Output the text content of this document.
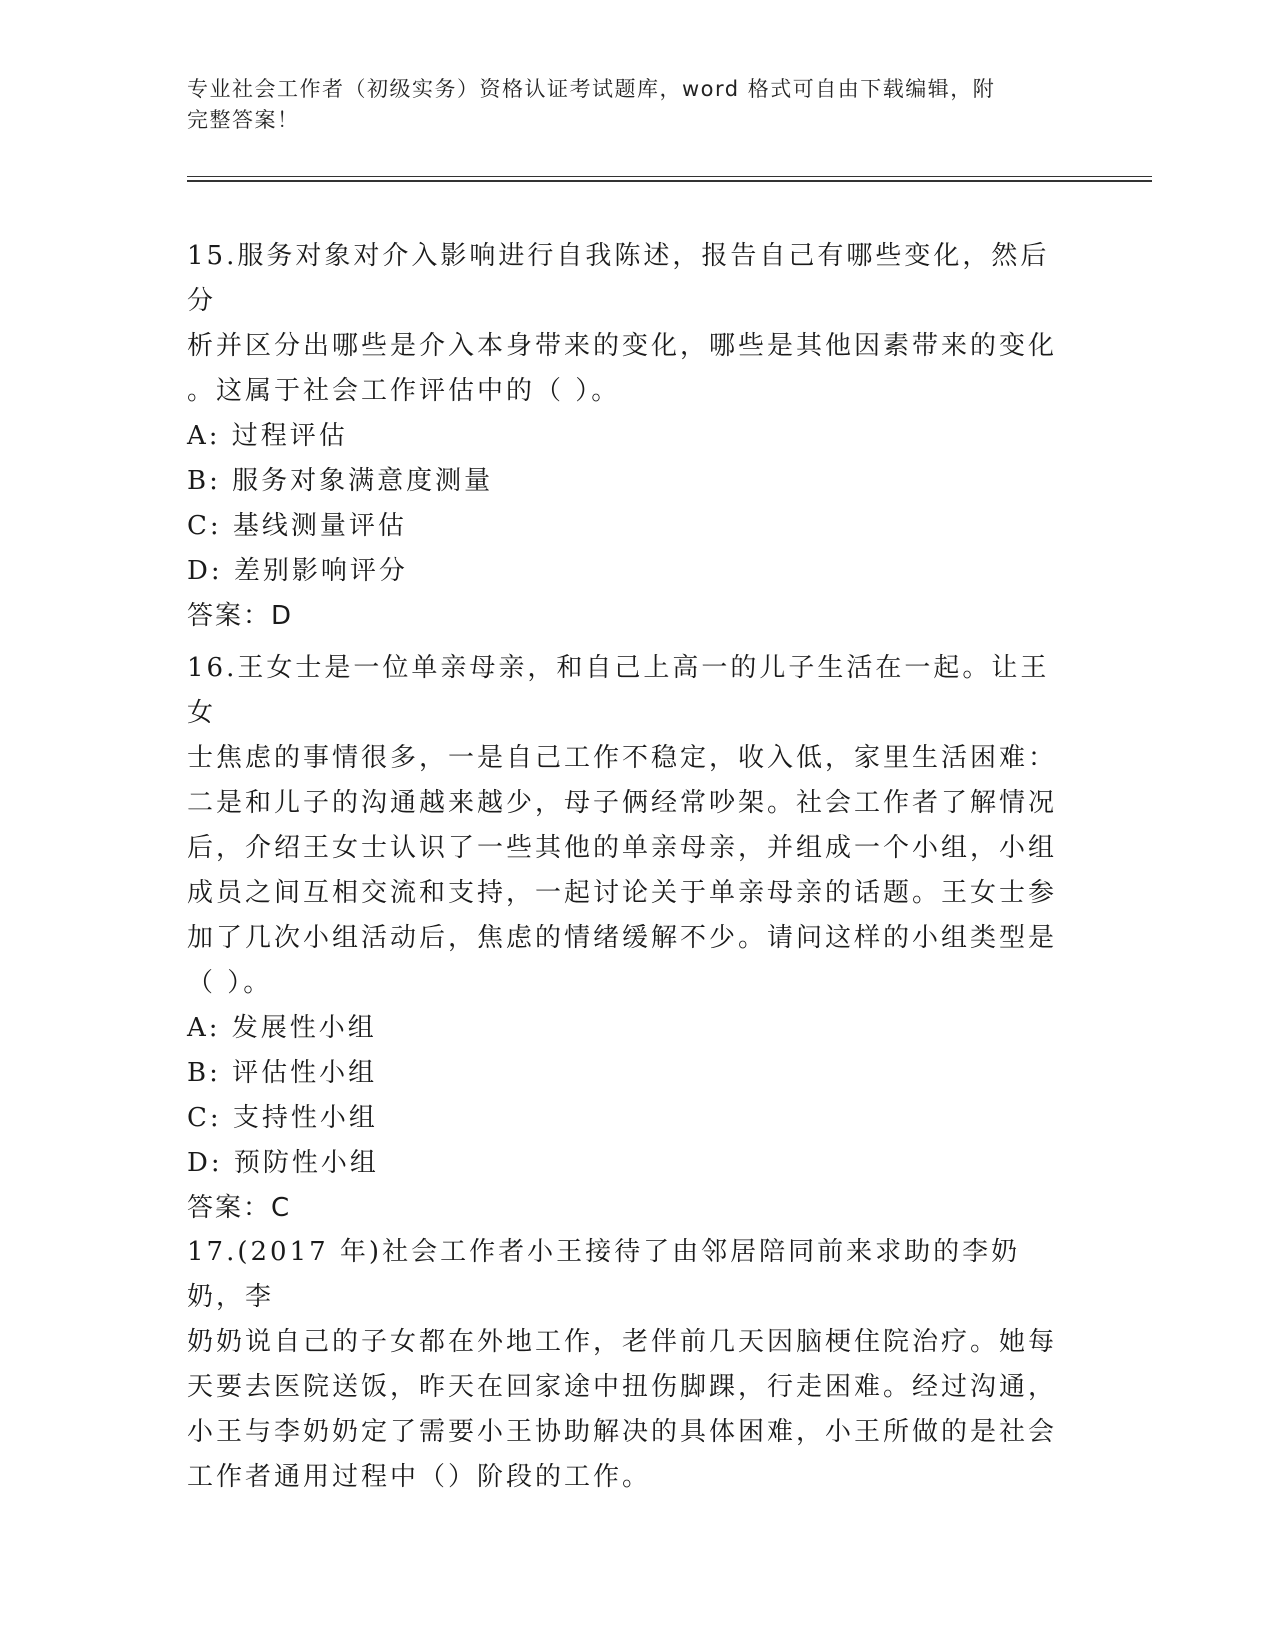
专业社会工作者（初级实务）资格认证考试题库，word 格式可自由下载编辑，附
完整答案！
15.服务对象对介入影响进行自我陈述，报告自己有哪些变化，然后分
析并区分出哪些是介入本身带来的变化，哪些是其他因素带来的变化
。这属于社会工作评估中的（ ）。
A: 过程评估
B: 服务对象满意度测量
C: 基线测量评估
D: 差别影响评分
答案：D
16.王女士是一位单亲母亲，和自己上高一的儿子生活在一起。让王女
士焦虑的事情很多，一是自己工作不稳定，收入低，家里生活困难：
二是和儿子的沟通越来越少，母子俩经常吵架。社会工作者了解情况
后，介绍王女士认识了一些其他的单亲母亲，并组成一个小组，小组
成员之间互相交流和支持，一起讨论关于单亲母亲的话题。王女士参
加了几次小组活动后，焦虑的情绪缓解不少。请问这样的小组类型是
（ ）。
A: 发展性小组
B: 评估性小组
C: 支持性小组
D: 预防性小组
答案：C
17.(2017 年)社会工作者小王接待了由邻居陪同前来求助的李奶奶，李
奶奶说自己的子女都在外地工作，老伴前几天因脑梗住院治疗。她每
天要去医院送饭，昨天在回家途中扭伤脚踝，行走困难。经过沟通，
小王与李奶奶定了需要小王协助解决的具体困难，小王所做的是社会
工作者通用过程中（）阶段的工作。
